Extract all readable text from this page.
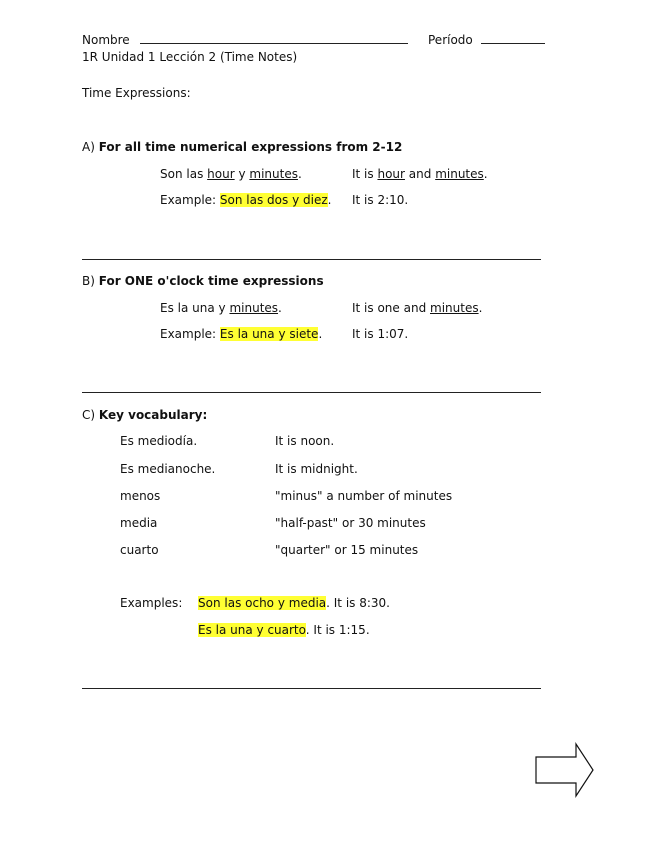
Nombre	Período
1R Unidad 1 Lección 2 (Time Notes)
Time Expressions:
A) For all time numerical expressions from 2-12
Son las hour y minutes.	It is hour and minutes.
Example: Son las dos y diez. It is 2:10.
B) For ONE o'clock time expressions
Es la una y minutes.	It is one and minutes.
Example: Es la una y siete. It is 1:07.
C) Key vocabulary:
Es mediodía.	It is noon.
Es medianoche.	It is midnight.
menos	"minus" a number of minutes
media	"half-past" or 30 minutes
cuarto	"quarter" or 15 minutes
Examples: Son las ocho y media. It is 8:30.
Es la una y cuarto. It is 1:15.
